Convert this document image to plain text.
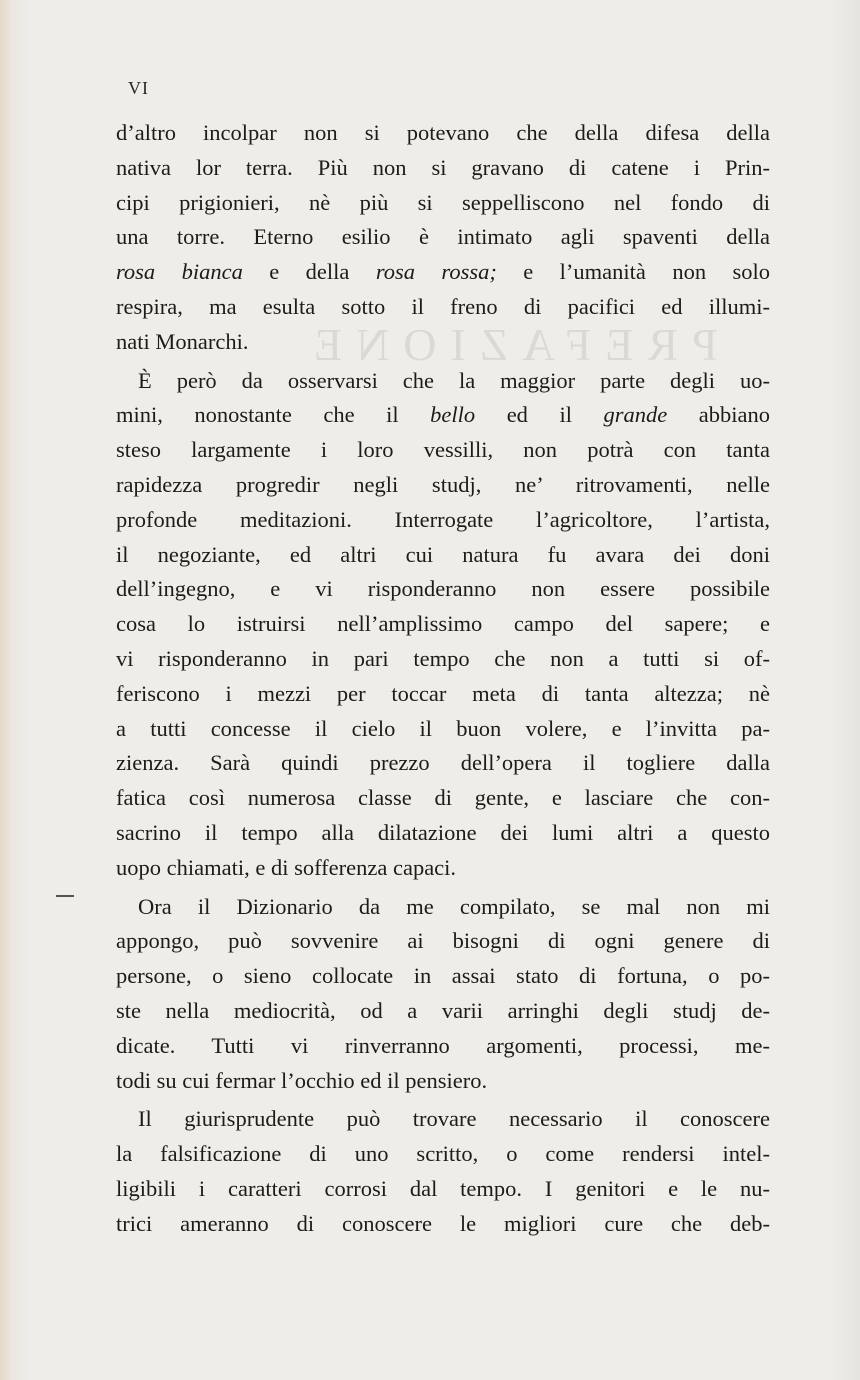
PREFAZIONE
VI
d’altro incolpar non si potevano che della difesa della
nativa lor terra. Più non si gravano di catene i Prin-
cipi prigionieri, nè più si seppelliscono nel fondo di
una torre. Eterno esilio è intimato agli spaventi della
rosa bianca e della rosa rossa; e l’umanità non solo
respira, ma esulta sotto il freno di pacifici ed illumi-
nati Monarchi.
È però da osservarsi che la maggior parte degli uo-
mini, nonostante che il bello ed il grande abbiano
steso largamente i loro vessilli, non potrà con tanta
rapidezza progredir negli studj, ne’ ritrovamenti, nelle
profonde meditazioni. Interrogate l’agricoltore, l’artista,
il negoziante, ed altri cui natura fu avara dei doni
dell’ingegno, e vi risponderanno non essere possibile
cosa lo istruirsi nell’amplissimo campo del sapere; e
vi risponderanno in pari tempo che non a tutti si of-
feriscono i mezzi per toccar meta di tanta altezza; nè
a tutti concesse il cielo il buon volere, e l’invitta pa-
zienza. Sarà quindi prezzo dell’opera il togliere dalla
fatica così numerosa classe di gente, e lasciare che con-
sacrino il tempo alla dilatazione dei lumi altri a questo
uopo chiamati, e di sofferenza capaci.
Ora il Dizionario da me compilato, se mal non mi
appongo, può sovvenire ai bisogni di ogni genere di
persone, o sieno collocate in assai stato di fortuna, o po-
ste nella mediocrità, od a varii arringhi degli studj de-
dicate. Tutti vi rinverranno argomenti, processi, me-
todi su cui fermar l’occhio ed il pensiero.
Il giurisprudente può trovare necessario il conoscere
la falsificazione di uno scritto, o come rendersi intel-
ligibili i caratteri corrosi dal tempo. I genitori e le nu-
trici ameranno di conoscere le migliori cure che deb-
